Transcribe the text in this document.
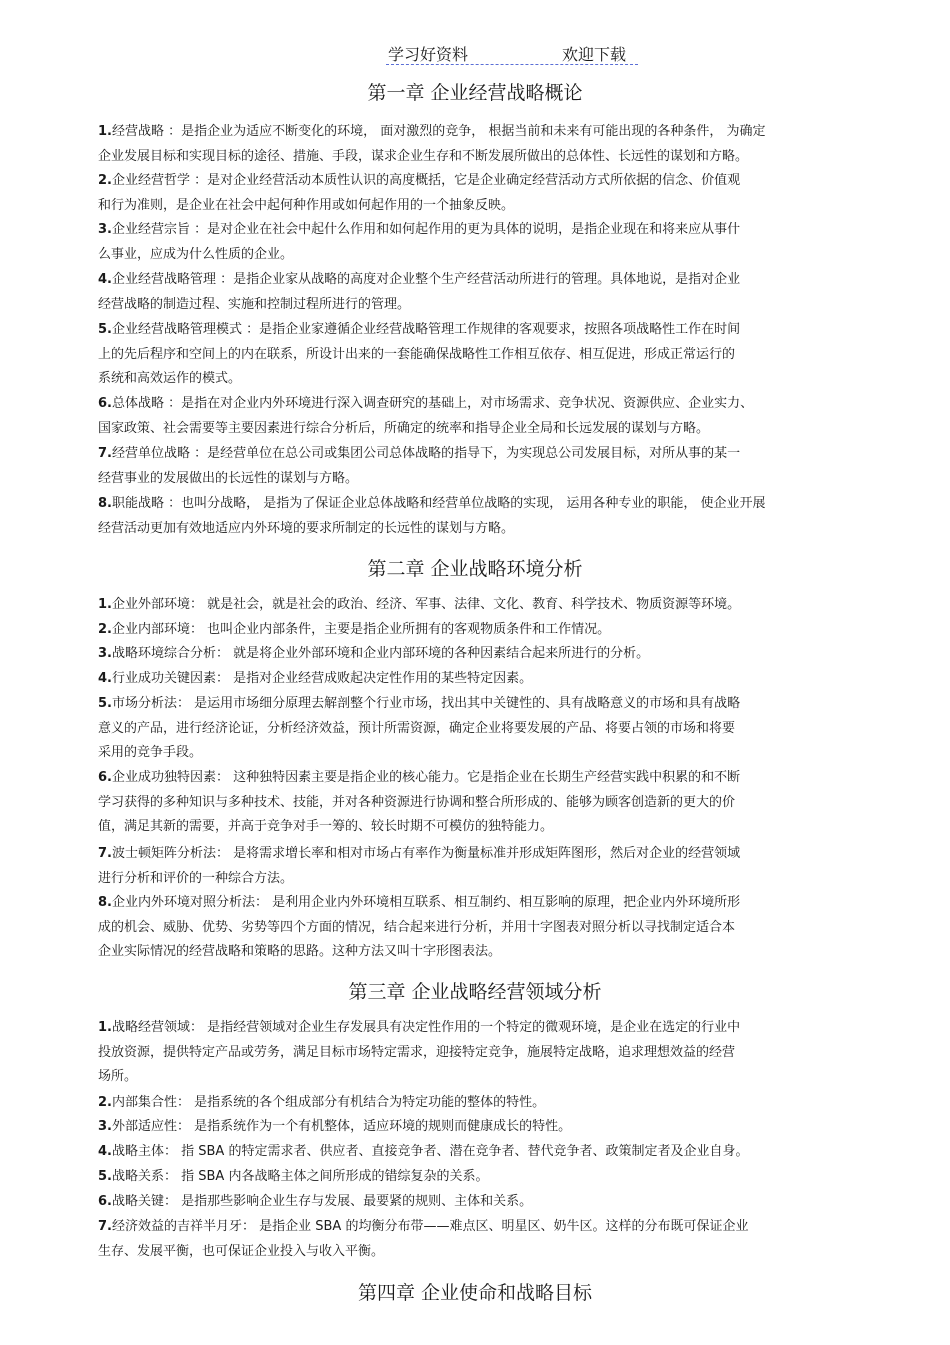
学习好资料	欢迎下载
第一章 企业经营战略概论
1.经营战略 ：是指企业为适应不断变化的环境， 面对激烈的竞争， 根据当前和未来有可能出现的各种条件， 为确定
企业发展目标和实现目标的途径、措施、手段，谋求企业生存和不断发展所做出的总体性、长远性的谋划和方略。
2.企业经营哲学 ：是对企业经营活动本质性认识的高度概括，它是企业确定经营活动方式所依据的信念、价值观
和行为准则，是企业在社会中起何种作用或如何起作用的一个抽象反映。
3.企业经营宗旨 ：是对企业在社会中起什么作用和如何起作用的更为具体的说明，是指企业现在和将来应从事什
么事业，应成为什么性质的企业。
4.企业经营战略管理 ：是指企业家从战略的高度对企业整个生产经营活动所进行的管理。具体地说，是指对企业
经营战略的制造过程、实施和控制过程所进行的管理。
5.企业经营战略管理模式 ：是指企业家遵循企业经营战略管理工作规律的客观要求，按照各项战略性工作在时间
上的先后程序和空间上的内在联系，所设计出来的一套能确保战略性工作相互依存、相互促进，形成正常运行的
系统和高效运作的模式。
6.总体战略 ：是指在对企业内外环境进行深入调查研究的基础上，对市场需求、竞争状况、资源供应、企业实力、
国家政策、社会需要等主要因素进行综合分析后，所确定的统率和指导企业全局和长远发展的谋划与方略。
7.经营单位战略 ：是经营单位在总公司或集团公司总体战略的指导下，为实现总公司发展目标，对所从事的某一
经营事业的发展做出的长远性的谋划与方略。
8.职能战略 ：也叫分战略， 是指为了保证企业总体战略和经营单位战略的实现， 运用各种专业的职能， 使企业开展
经营活动更加有效地适应内外环境的要求所制定的长远性的谋划与方略。
第二章 企业战略环境分析
1.企业外部环境： 就是社会，就是社会的政治、经济、军事、法律、文化、教育、科学技术、物质资源等环境。
2.企业内部环境： 也叫企业内部条件，主要是指企业所拥有的客观物质条件和工作情况。
3.战略环境综合分析： 就是将企业外部环境和企业内部环境的各种因素结合起来所进行的分析。
4.行业成功关键因素： 是指对企业经营成败起决定性作用的某些特定因素。
5.市场分析法： 是运用市场细分原理去解剖整个行业市场，找出其中关键性的、具有战略意义的市场和具有战略
意义的产品，进行经济论证，分析经济效益，预计所需资源，确定企业将要发展的产品、将要占领的市场和将要
采用的竞争手段。
6.企业成功独特因素： 这种独特因素主要是指企业的核心能力。它是指企业在长期生产经营实践中积累的和不断
学习获得的多种知识与多种技术、技能，并对各种资源进行协调和整合所形成的、能够为顾客创造新的更大的价
值，满足其新的需要，并高于竞争对手一筹的、较长时期不可模仿的独特能力。
7.波士顿矩阵分析法： 是将需求增长率和相对市场占有率作为衡量标准并形成矩阵图形，然后对企业的经营领域
进行分析和评价的一种综合方法。
8.企业内外环境对照分析法： 是利用企业内外环境相互联系、相互制约、相互影响的原理，把企业内外环境所形
成的机会、威胁、优势、劣势等四个方面的情况，结合起来进行分析，并用十字图表对照分析以寻找制定适合本
企业实际情况的经营战略和策略的思路。这种方法又叫十字形图表法。
第三章 企业战略经营领域分析
1.战略经营领域： 是指经营领域对企业生存发展具有决定性作用的一个特定的微观环境，是企业在选定的行业中
投放资源，提供特定产品或劳务，满足目标市场特定需求，迎接特定竞争，施展特定战略，追求理想效益的经营
场所。
2.内部集合性： 是指系统的各个组成部分有机结合为特定功能的整体的特性。
3.外部适应性： 是指系统作为一个有机整体，适应环境的规则而健康成长的特性。
4.战略主体： 指 SBA 的特定需求者、供应者、直接竞争者、潜在竞争者、替代竞争者、政策制定者及企业自身。
5.战略关系： 指 SBA 内各战略主体之间所形成的错综复杂的关系。
6.战略关键： 是指那些影响企业生存与发展、最要紧的规则、主体和关系。
7.经济效益的吉祥半月牙： 是指企业 SBA 的均衡分布带——难点区、明星区、奶牛区。这样的分布既可保证企业
生存、发展平衡，也可保证企业投入与收入平衡。
第四章 企业使命和战略目标
